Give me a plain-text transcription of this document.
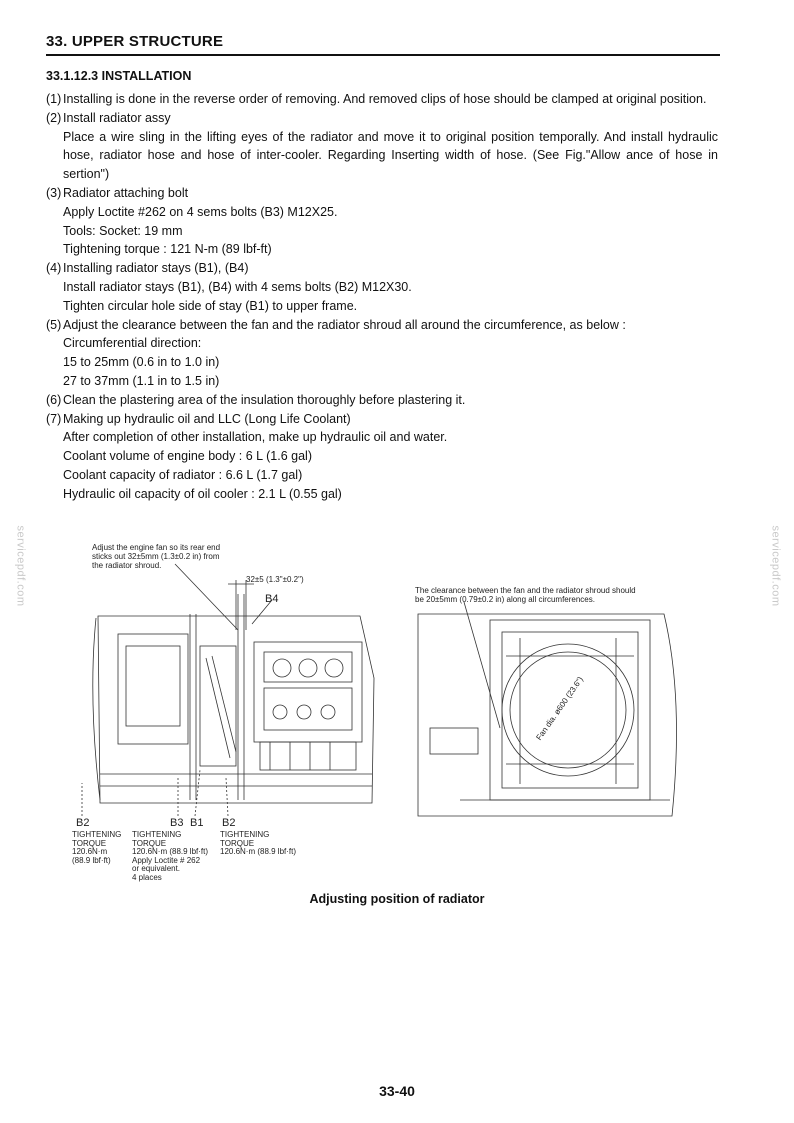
33. UPPER STRUCTURE
33.1.12.3 INSTALLATION
(1) Installing is done in the reverse order of removing. And removed clips of hose should be clamped at original position.
(2) Install radiator assy
Place a wire sling in the lifting eyes of the radiator and move it to original position temporally. And install hydraulic hose, radiator hose and hose of inter-cooler. Regarding Inserting width of hose. (See Fig."Allow ance of hose in sertion")
(3) Radiator attaching bolt
Apply Loctite #262 on 4 sems bolts (B3) M12X25.
Tools: Socket: 19 mm
Tightening torque : 121 N-m (89 lbf-ft)
(4) Installing radiator stays (B1), (B4)
Install radiator stays (B1), (B4) with 4 sems bolts (B2) M12X30.
Tighten circular hole side of stay (B1) to upper frame.
(5) Adjust the clearance between the fan and the radiator shroud all around the circumference, as below :
Circumferential direction:
15 to 25mm (0.6 in to 1.0 in)
27 to 37mm (1.1 in to 1.5 in)
(6) Clean the plastering area of the insulation thoroughly before plastering it.
(7) Making up hydraulic oil and LLC (Long Life Coolant)
After completion of other installation, make up hydraulic oil and water.
Coolant volume of engine body : 6 L (1.6 gal)
Coolant capacity of radiator : 6.6 L (1.7 gal)
Hydraulic oil capacity of oil cooler : 2.1 L (0.55 gal)
servicepdf.com	servicepdf.com
Adjust the engine fan so its rear end
sticks out 32±5mm (1.3±0.2 in) from
the radiator shroud.
32±5 (1.3"±0.2")
B4
The clearance between the fan and the radiator shroud should
be 20±5mm (0.79±0.2 in) along all circumferences.
Fan dia. ø600 (23.6")
B2	B3 B1 B2
TIGHTENING
TORQUE
120.6N·m
(88.9 lbf·ft)
TIGHTENING
TORQUE
120.6N·m (88.9 lbf·ft)
Apply Loctite # 262
or equivalent.
4 places
TIGHTENING
TORQUE
120.6N·m (88.9 lbf·ft)
Adjusting position of radiator
33-40
